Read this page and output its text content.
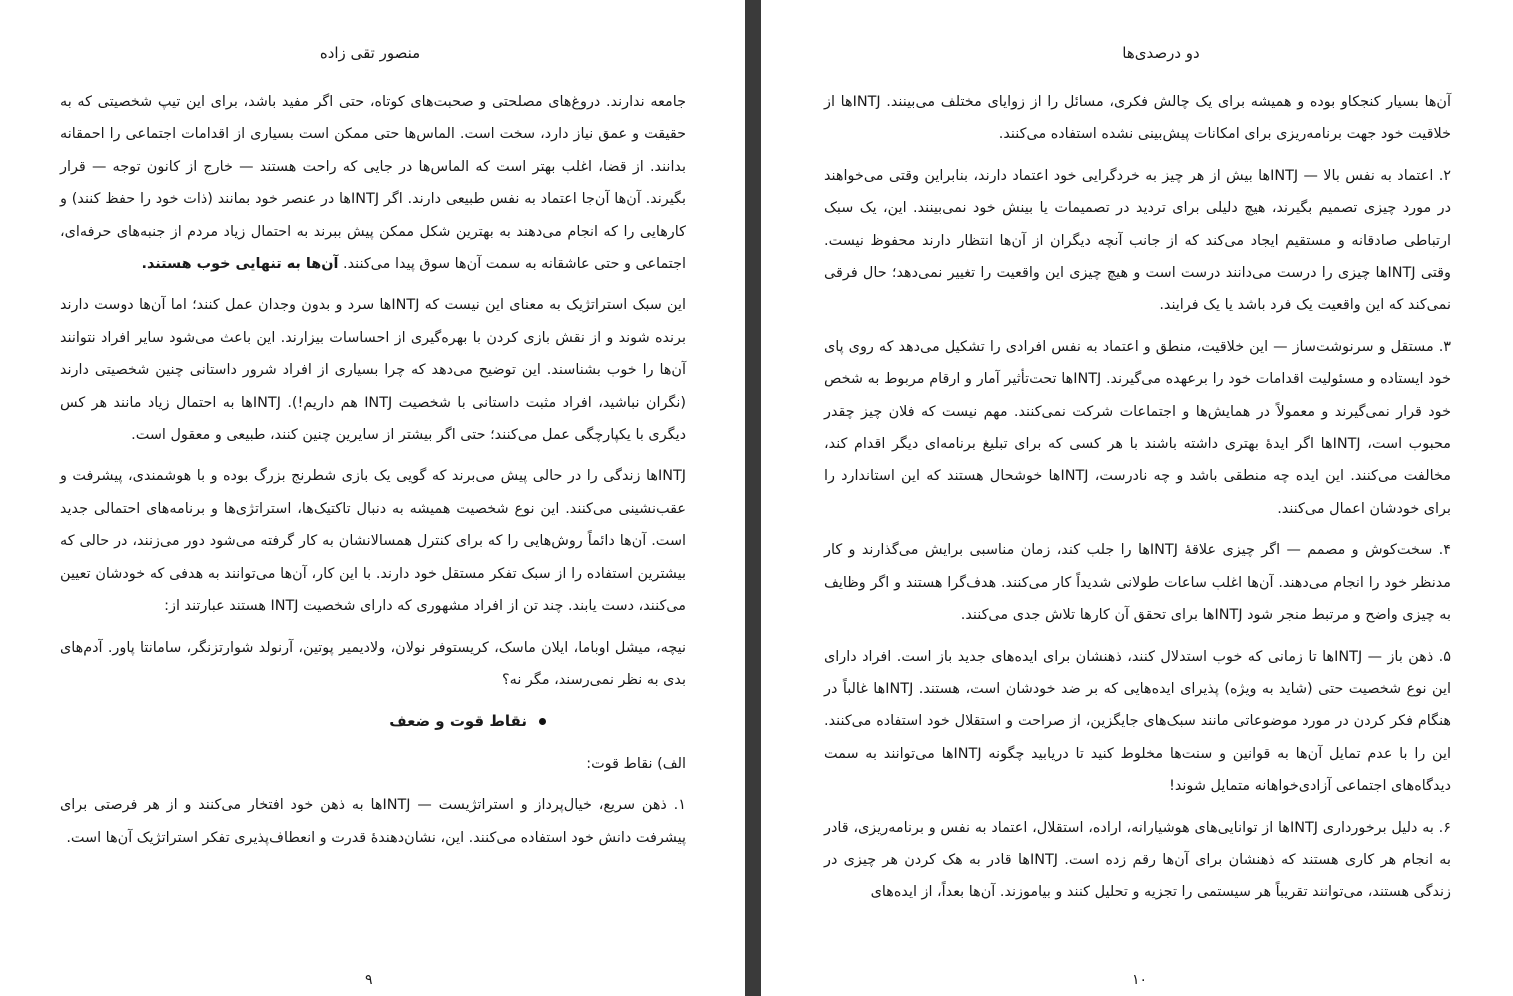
منصور تقی زاده

جامعه ندارند. دروغ‌های مصلحتی و صحبت‌های کوتاه، حتی اگر مفید باشد، برای این تیپ شخصیتی که به حقیقت و عمق نیاز دارد، سخت است. الماس‌ها حتی ممکن است بسیاری از اقدامات اجتماعی را احمقانه بدانند. از قضا، اغلب بهتر است که الماس‌ها در جایی که راحت هستند — خارج از کانون توجه — قرار بگیرند. آن‌ها آن‌جا اعتماد به نفس طبیعی دارند. اگر INTJها در عنصر خود بمانند (ذات خود را حفظ کنند) و کارهایی را که انجام می‌دهند به بهترین شکل ممکن پیش ببرند به احتمال زیاد مردم از جنبه‌های حرفه‌ای، اجتماعی و حتی عاشقانه به سمت آن‌ها سوق پیدا می‌کنند. آن‌ها به تنهایی خوب هستند.

این سبک استراتژیک به معنای این نیست که INTJها سرد و بدون وجدان عمل کنند؛ اما آن‌ها دوست دارند برنده شوند و از نقش بازی کردن با بهره‌گیری از احساسات بیزارند. این باعث می‌شود سایر افراد نتوانند آن‌ها را خوب بشناسند. این توضیح می‌دهد که چرا بسیاری از افراد شرور داستانی چنین شخصیتی دارند (نگران نباشید، افراد مثبت داستانی با شخصیت INTJ هم داریم!). INTJها به احتمال زیاد مانند هر کس دیگری با یکپارچگی عمل می‌کنند؛ حتی اگر بیشتر از سایرین چنین کنند، طبیعی و معقول است.

INTJها زندگی را در حالی پیش می‌برند که گویی یک بازی شطرنج بزرگ بوده و با هوشمندی، پیشرفت و عقب‌نشینی می‌کنند. این نوع شخصیت همیشه به دنبال تاکتیک‌ها، استراتژی‌ها و برنامه‌های احتمالی جدید است. آن‌ها دائماً روش‌هایی را که برای کنترل همسالانشان به کار گرفته می‌شود دور می‌زنند، در حالی که بیشترین استفاده را از سبک تفکر مستقل خود دارند. با این کار، آن‌ها می‌توانند به هدفی که خودشان تعیین می‌کنند، دست یابند. چند تن از افراد مشهوری که دارای شخصیت INTJ هستند عبارتند از:

نیچه، میشل اوباما، ایلان ماسک، کریستوفر نولان، ولادیمیر پوتین، آرنولد شوارتزنگر، سامانتا پاور. آدم‌های بدی به نظر نمی‌رسند، مگر نه؟

نقاط قوت و ضعف

الف) نقاط قوت:

۱. ذهن سریع، خیال‌پرداز و استراتژیست — INTJها به ذهن خود افتخار می‌کنند و از هر فرصتی برای پیشرفت دانش خود استفاده می‌کنند. این، نشان‌دهندهٔ قدرت و انعطاف‌پذیری تفکر استراتژیک آن‌ها است.

۹
دو درصدی‌ها

آن‌ها بسیار کنجکاو بوده و همیشه برای یک چالش فکری، مسائل را از زوایای مختلف می‌بینند. INTJها از خلاقیت خود جهت برنامه‌ریزی برای امکانات پیش‌بینی نشده استفاده می‌کنند.

۲. اعتماد به نفس بالا — INTJها بیش از هر چیز به خردگرایی خود اعتماد دارند، بنابراین وقتی می‌خواهند در مورد چیزی تصمیم بگیرند، هیچ دلیلی برای تردید در تصمیمات یا بینش خود نمی‌بینند. این، یک سبک ارتباطی صادقانه و مستقیم ایجاد می‌کند که از جانب آنچه دیگران از آن‌ها انتظار دارند محفوظ نیست. وقتی INTJها چیزی را درست می‌دانند درست است و هیچ چیزی این واقعیت را تغییر نمی‌دهد؛ حال فرقی نمی‌کند که این واقعیت یک فرد باشد یا یک فرایند.

۳. مستقل و سرنوشت‌ساز — این خلاقیت، منطق و اعتماد به نفس افرادی را تشکیل می‌دهد که روی پای خود ایستاده و مسئولیت اقدامات خود را برعهده می‌گیرند. INTJها تحت‌تأثیر آمار و ارقام مربوط به شخص خود قرار نمی‌گیرند و معمولاً در همایش‌ها و اجتماعات شرکت نمی‌کنند. مهم نیست که فلان چیز چقدر محبوب است، INTJها اگر ایدهٔ بهتری داشته باشند با هر کسی که برای تبلیغ برنامه‌ای دیگر اقدام کند، مخالفت می‌کنند. این ایده چه منطقی باشد و چه نادرست، INTJها خوشحال هستند که این استاندارد را برای خودشان اعمال می‌کنند.

۴. سخت‌کوش و مصمم — اگر چیزی علاقهٔ INTJها را جلب کند، زمان مناسبی برایش می‌گذارند و کار مدنظر خود را انجام می‌دهند. آن‌ها اغلب ساعات طولانی شدیداً کار می‌کنند. هدف‌گرا هستند و اگر وظایف به چیزی واضح و مرتبط منجر شود INTJها برای تحقق آن کارها تلاش جدی می‌کنند.

۵. ذهن باز — INTJها تا زمانی که خوب استدلال کنند، ذهنشان برای ایده‌های جدید باز است. افراد دارای این نوع شخصیت حتی (شاید به ویژه) پذیرای ایده‌هایی که بر ضد خودشان است، هستند. INTJها غالباً در هنگام فکر کردن در مورد موضوعاتی مانند سبک‌های جایگزین، از صراحت و استقلال خود استفاده می‌کنند. این را با عدم تمایل آن‌ها به قوانین و سنت‌ها مخلوط کنید تا دریابید چگونه INTJها می‌توانند به سمت دیدگاه‌های اجتماعی آزادی‌خواهانه متمایل شوند!

۶. به دلیل برخورداری INTJها از توانایی‌های هوشیارانه، اراده، استقلال، اعتماد به نفس و برنامه‌ریزی، قادر به انجام هر کاری هستند که ذهنشان برای آن‌ها رقم زده است. INTJها قادر به هک کردن هر چیزی در زندگی هستند، می‌توانند تقریباً هر سیستمی را تجزیه و تحلیل کنند و بیاموزند. آن‌ها بعداً، از ایده‌های

۱۰
